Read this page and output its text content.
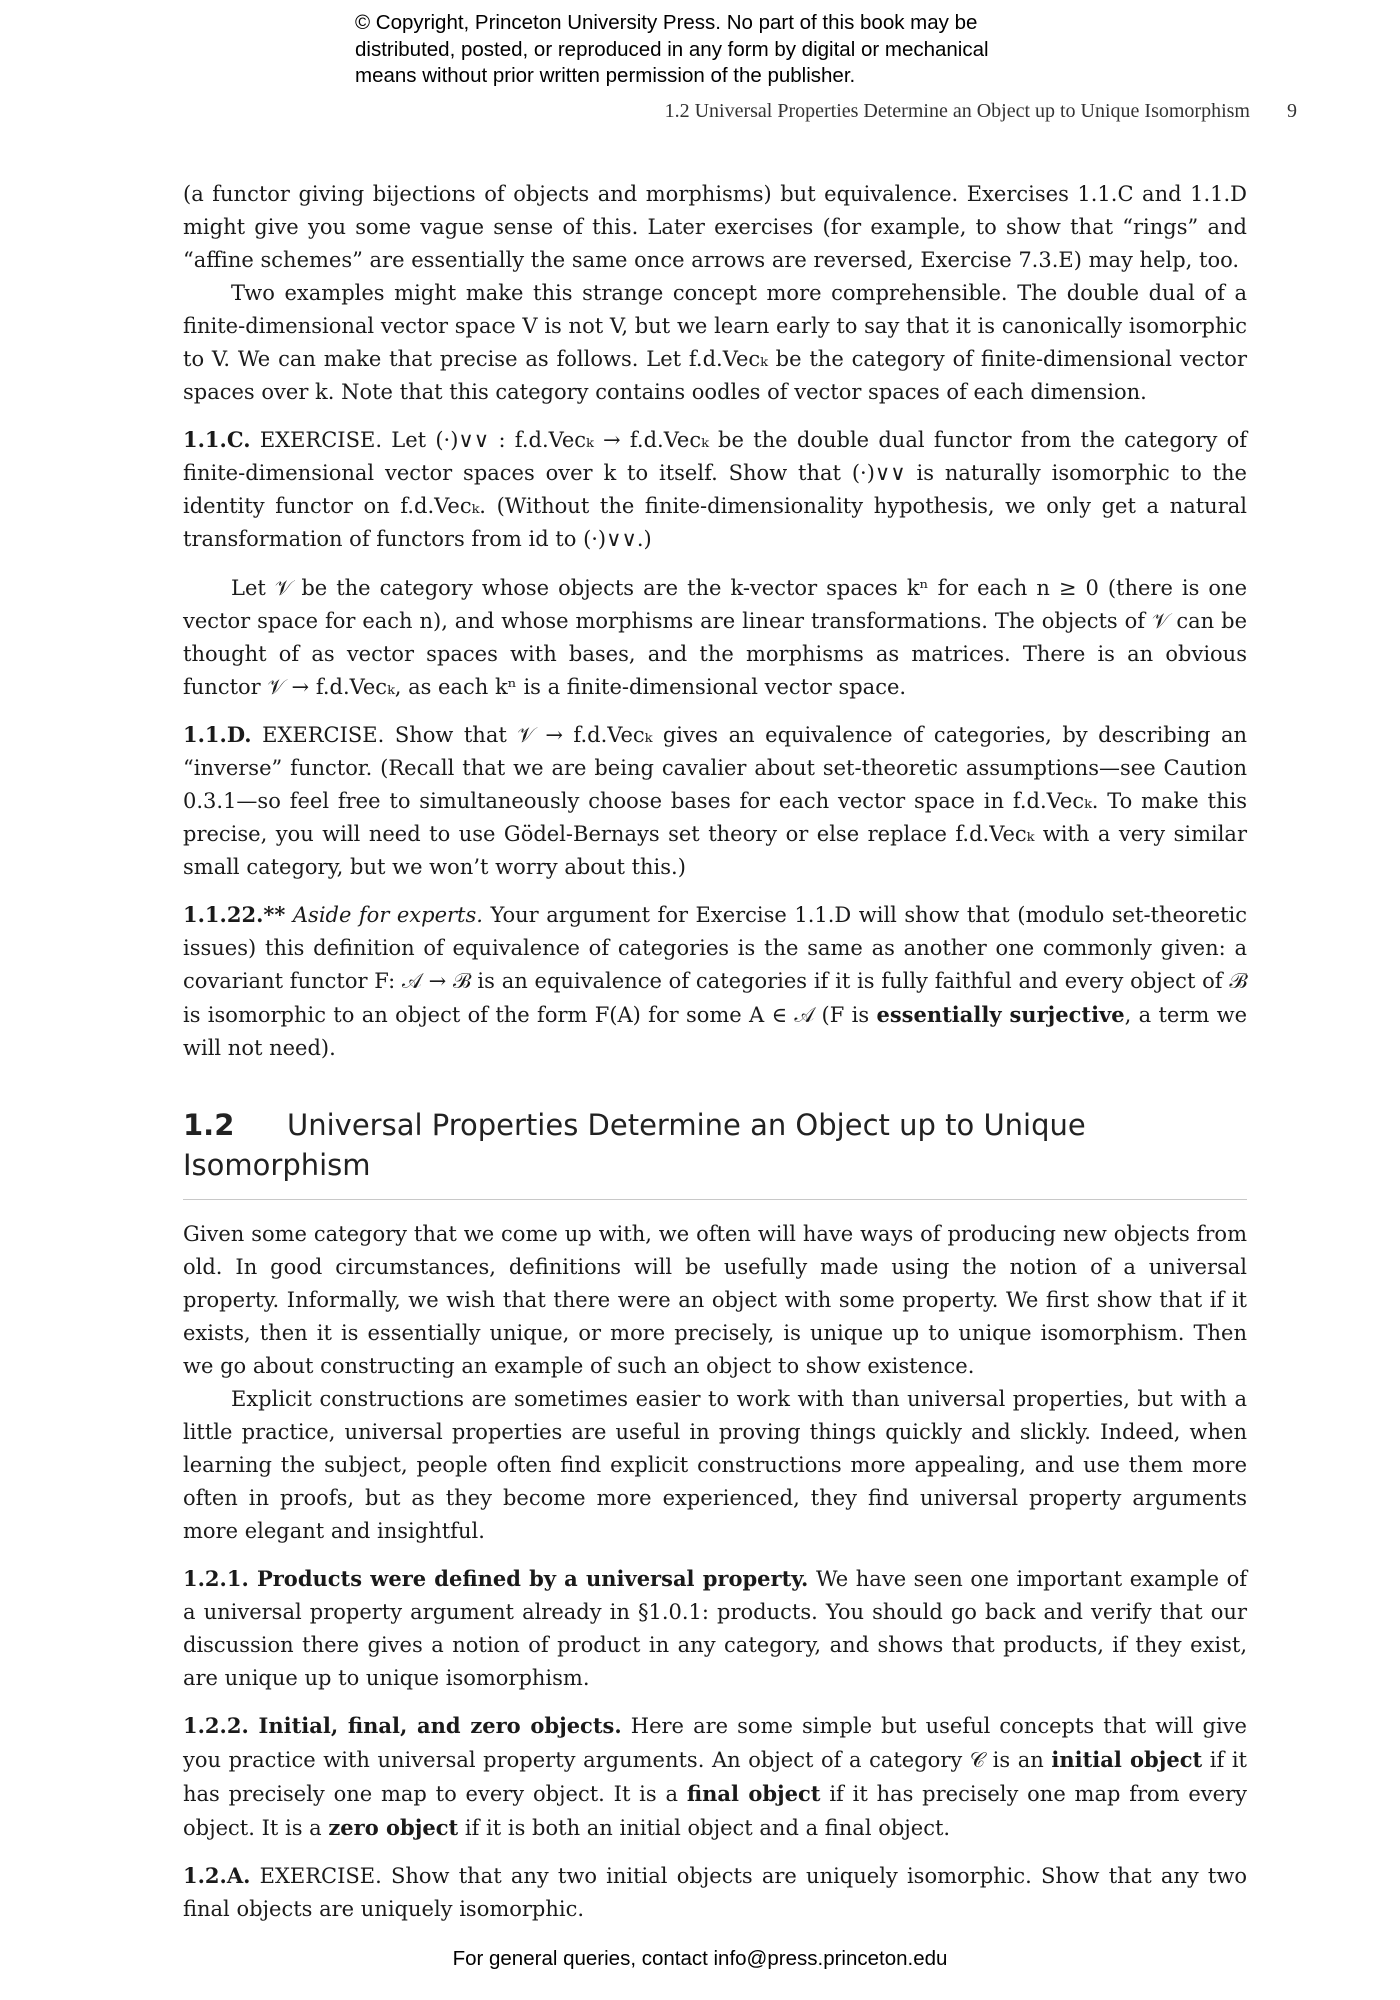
© Copyright, Princeton University Press. No part of this book may be

distributed, posted, or reproduced in any form by digital or mechanical

means without prior written permission of the publisher.

1.2 Universal Properties Determine an Object up to Unique Isomorphism 9

(a functor giving bijections of objects and morphisms) but equivalence. Exercises 1.1.C and 1.1.D might give you some vague sense of this. Later exercises (for example, to show that “rings” and “affine schemes” are essentially the same once arrows are reversed, Exercise 7.3.E) may help, too.

Two examples might make this strange concept more comprehensible. The double dual of a finite-dimensional vector space V is not V, but we learn early to say that it is canonically isomorphic to V. We can make that precise as follows. Let f.d.Vecₖ be the category of finite-dimensional vector spaces over k. Note that this category contains oodles of vector spaces of each dimension.

1.1.C. EXERCISE. Let (·)∨∨ : f.d.Vecₖ → f.d.Vecₖ be the double dual functor from the category of finite-dimensional vector spaces over k to itself. Show that (·)∨∨ is naturally isomorphic to the identity functor on f.d.Vecₖ. (Without the finite-dimensionality hypothesis, we only get a natural transformation of functors from id to (·)∨∨.)

Let 𝒱 be the category whose objects are the k-vector spaces kⁿ for each n ≥ 0 (there is one vector space for each n), and whose morphisms are linear transformations. The objects of 𝒱 can be thought of as vector spaces with bases, and the morphisms as matrices. There is an obvious functor 𝒱 → f.d.Vecₖ, as each kⁿ is a finite-dimensional vector space.

1.1.D. EXERCISE. Show that 𝒱 → f.d.Vecₖ gives an equivalence of categories, by describing an “inverse” functor. (Recall that we are being cavalier about set-theoretic assumptions—see Caution 0.3.1—so feel free to simultaneously choose bases for each vector space in f.d.Vecₖ. To make this precise, you will need to use Gödel-Bernays set theory or else replace f.d.Vecₖ with a very similar small category, but we won’t worry about this.)

1.1.22.** Aside for experts. Your argument for Exercise 1.1.D will show that (modulo set-theoretic issues) this definition of equivalence of categories is the same as another one commonly given: a covariant functor F: 𝒜 → ℬ is an equivalence of categories if it is fully faithful and every object of ℬ is isomorphic to an object of the form F(A) for some A ∈ 𝒜 (F is essentially surjective, a term we will not need).

1.2 Universal Properties Determine an Object up to Unique Isomorphism

Given some category that we come up with, we often will have ways of producing new objects from old. In good circumstances, definitions will be usefully made using the notion of a universal property. Informally, we wish that there were an object with some property. We first show that if it exists, then it is essentially unique, or more precisely, is unique up to unique isomorphism. Then we go about constructing an example of such an object to show existence.

Explicit constructions are sometimes easier to work with than universal properties, but with a little practice, universal properties are useful in proving things quickly and slickly. Indeed, when learning the subject, people often find explicit constructions more appealing, and use them more often in proofs, but as they become more experienced, they find universal property arguments more elegant and insightful.

1.2.1. Products were defined by a universal property. We have seen one important example of a universal property argument already in §1.0.1: products. You should go back and verify that our discussion there gives a notion of product in any category, and shows that products, if they exist, are unique up to unique isomorphism.

1.2.2. Initial, final, and zero objects. Here are some simple but useful concepts that will give you practice with universal property arguments. An object of a category 𝒞 is an initial object if it has precisely one map to every object. It is a final object if it has precisely one map from every object. It is a zero object if it is both an initial object and a final object.

1.2.A. EXERCISE. Show that any two initial objects are uniquely isomorphic. Show that any two final objects are uniquely isomorphic.

For general queries, contact info@press.princeton.edu
